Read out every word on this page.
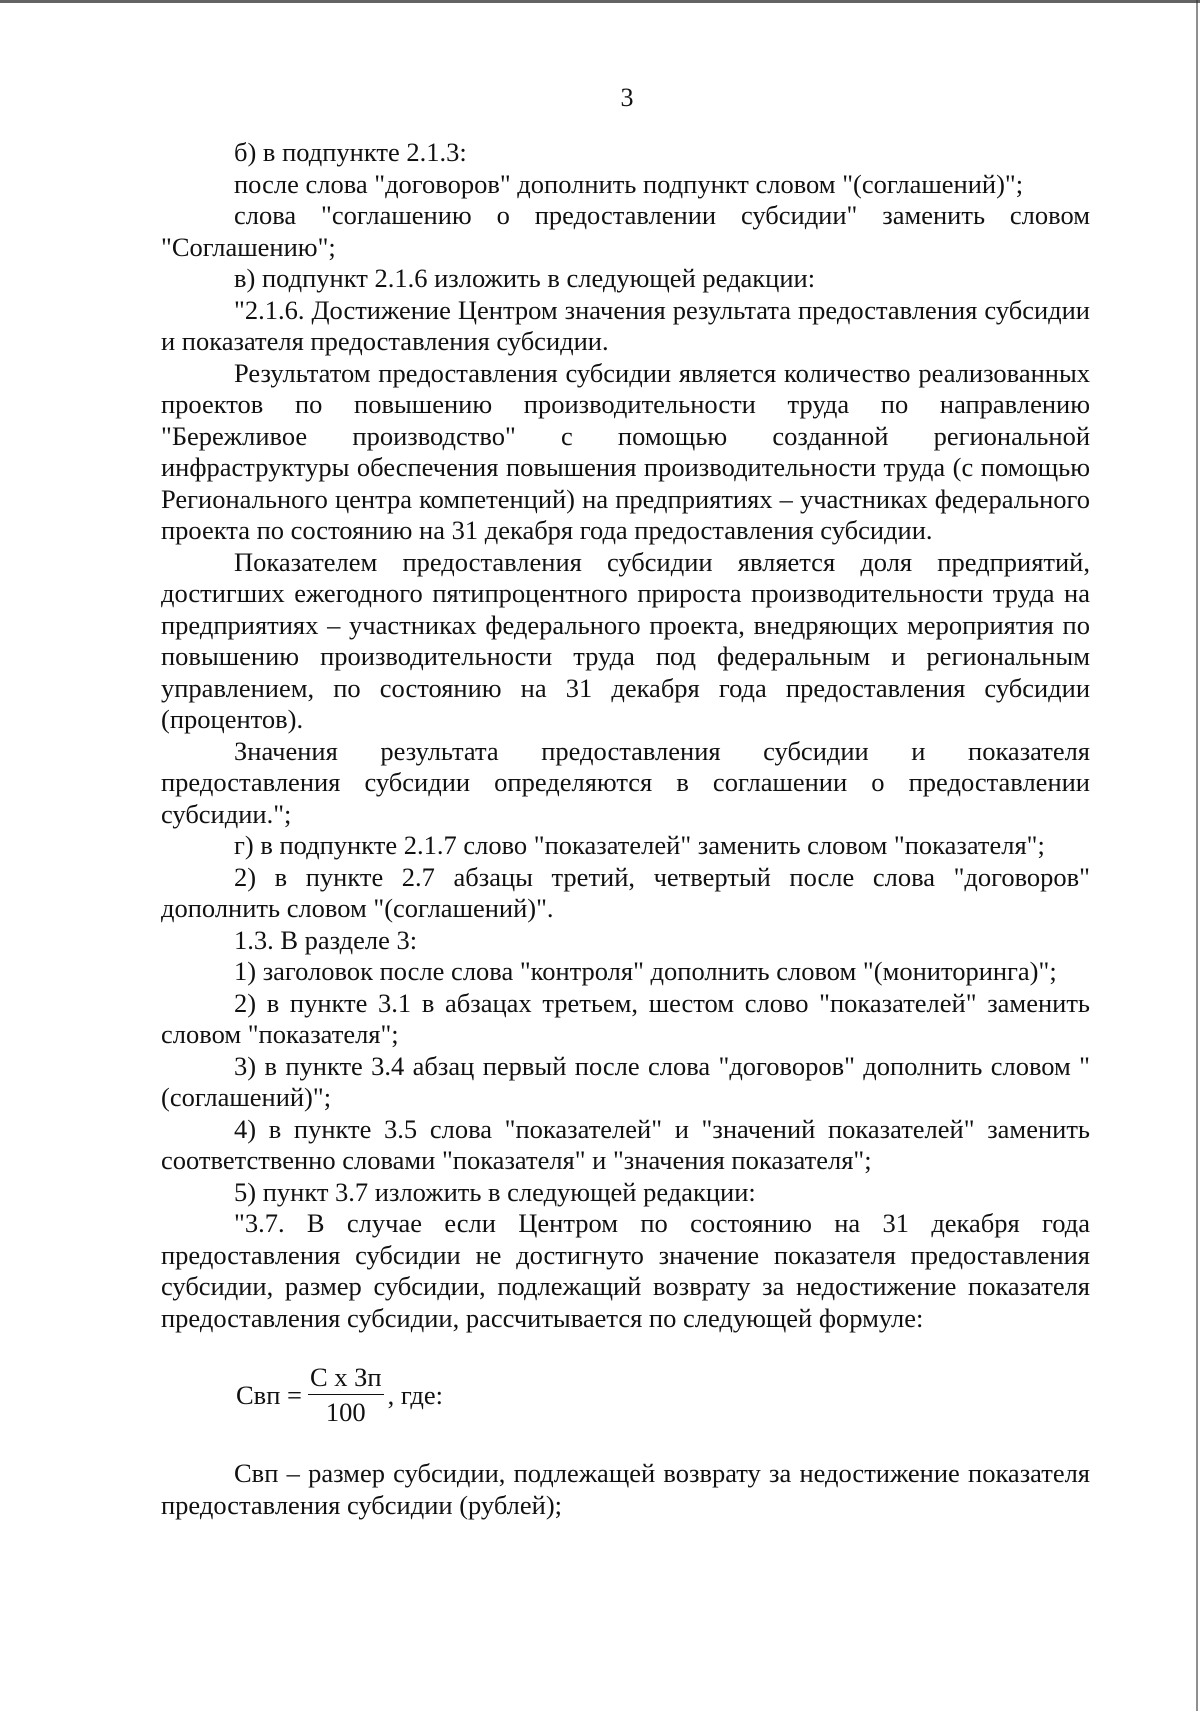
3

б) в подпункте 2.1.3:

после слова "договоров" дополнить подпункт словом "(соглашений)";

слова "соглашению о предоставлении субсидии" заменить словом "Соглашению";

в) подпункт 2.1.6 изложить в следующей редакции:

"2.1.6. Достижение Центром значения результата предоставления субсидии и показателя предоставления субсидии.

Результатом предоставления субсидии является количество реализованных проектов по повышению производительности труда по направлению "Бережливое производство" с помощью созданной региональной инфраструктуры обеспечения повышения производительности труда (с помощью Регионального центра компетенций) на предприятиях – участниках федерального проекта по состоянию на 31 декабря года предоставления субсидии.

Показателем предоставления субсидии является доля предприятий, достигших ежегодного пятипроцентного прироста производительности труда на предприятиях – участниках федерального проекта, внедряющих мероприятия по повышению производительности труда под федеральным и региональным управлением, по состоянию на 31 декабря года предоставления субсидии (процентов).

Значения результата предоставления субсидии и показателя предоставления субсидии определяются в соглашении о предоставлении субсидии.";

г) в подпункте 2.1.7 слово "показателей" заменить словом "показателя";

2) в пункте 2.7 абзацы третий, четвертый после слова "договоров" дополнить словом "(соглашений)".

1.3. В разделе 3:

1) заголовок после слова "контроля" дополнить словом "(мониторинга)";

2) в пункте 3.1 в абзацах третьем, шестом слово "показателей" заменить словом "показателя";

3) в пункте 3.4 абзац первый после слова "договоров" дополнить словом "(соглашений)";

4) в пункте 3.5 слова "показателей" и "значений показателей" заменить соответственно словами "показателя" и "значения показателя";

5) пункт 3.7 изложить в следующей редакции:

"3.7. В случае если Центром по состоянию на 31 декабря года предоставления субсидии не достигнуто значение показателя предоставления субсидии, размер субсидии, подлежащий возврату за недостижение показателя предоставления субсидии, рассчитывается по следующей формуле:

Свп = $\frac{\text{С х Зп}}{100}$ , где:

Свп – размер субсидии, подлежащей возврату за недостижение показателя предоставления субсидии (рублей);
